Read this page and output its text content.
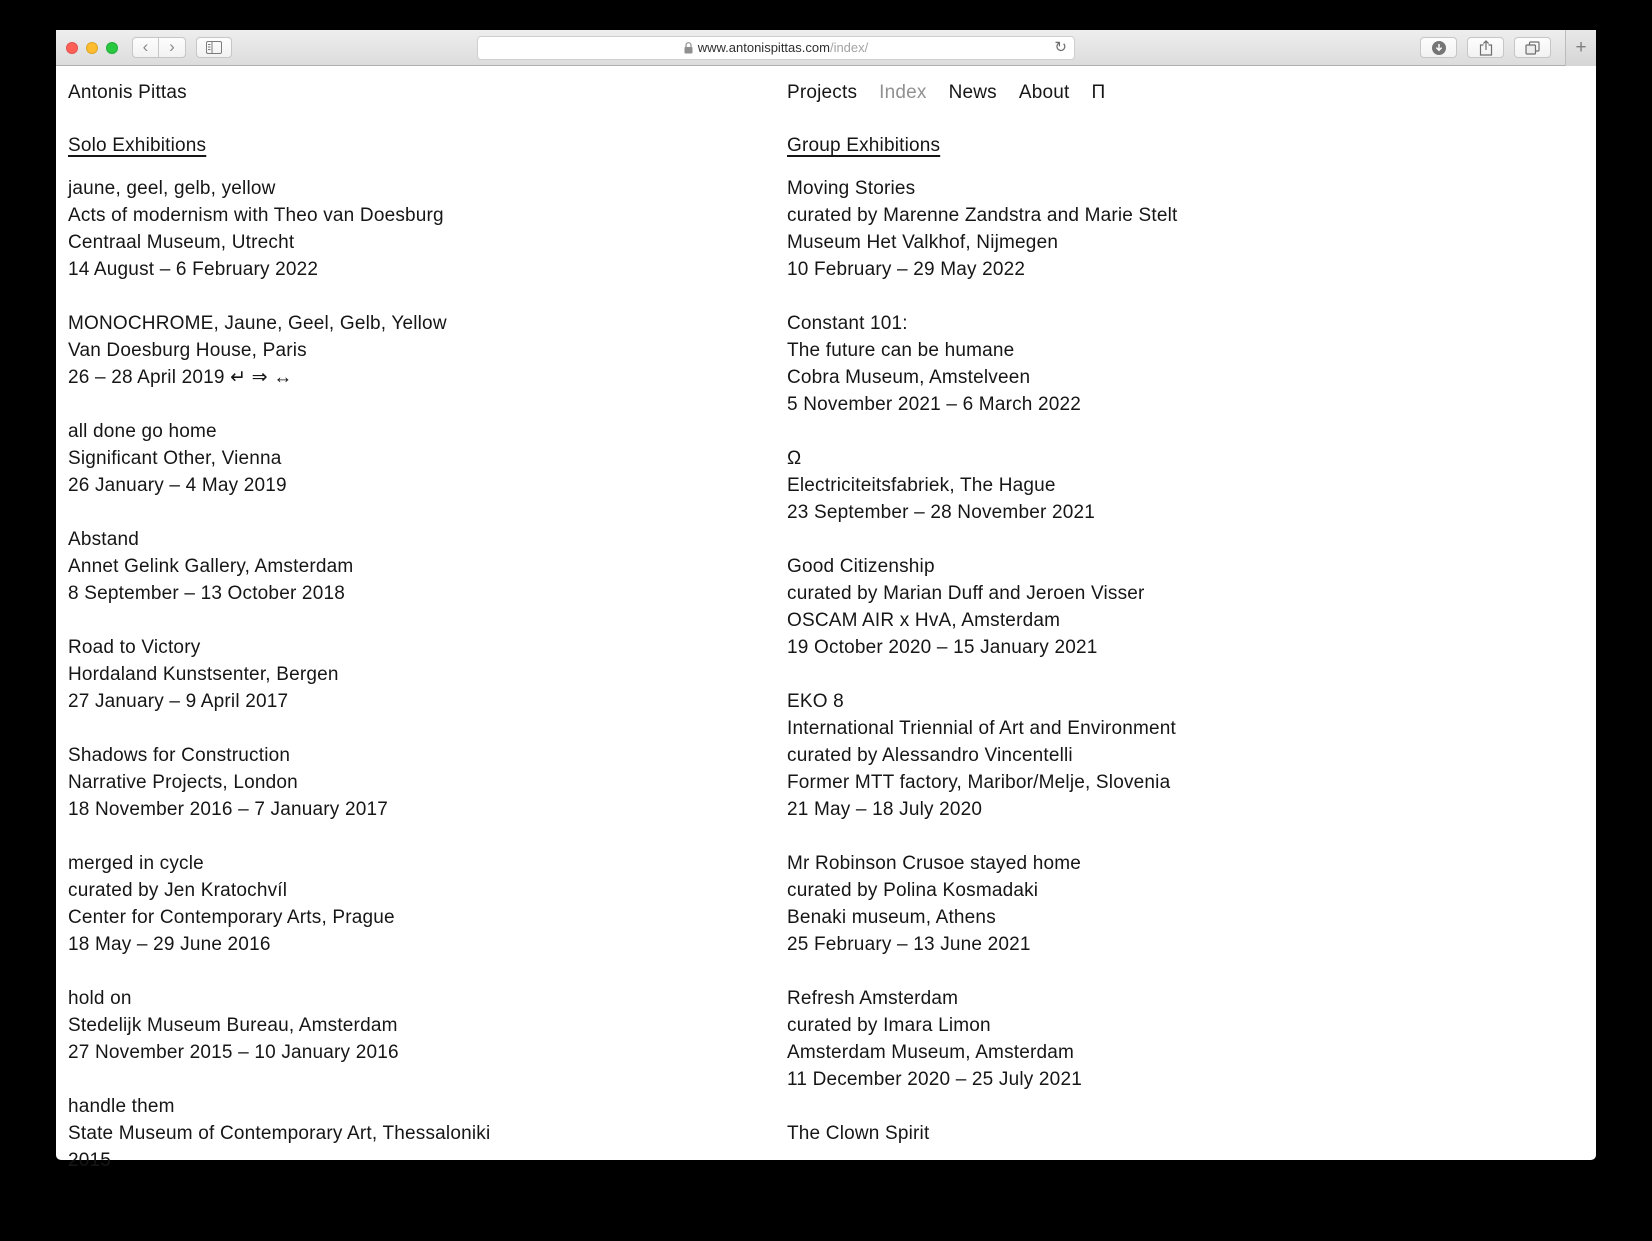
‹ ›	www.antonispittas.com /index/	↻	+
Antonis Pittas
Solo Exhibitions
jaune, geel, gelb, yellow
Acts of modernism with Theo van Doesburg
Centraal Museum, Utrecht
14 August – 6 February 2022
MONOCHROME, Jaune, Geel, Gelb, Yellow
Van Doesburg House, Paris
26 – 28 April 2019 ↵ ⇒ ↔
all done go home
Significant Other, Vienna
26 January – 4 May 2019
Abstand
Annet Gelink Gallery, Amsterdam
8 September – 13 October 2018
Road to Victory
Hordaland Kunstsenter, Bergen
27 January – 9 April 2017
Shadows for Construction
Narrative Projects, London
18 November 2016 – 7 January 2017
merged in cycle
curated by Jen Kratochvíl
Center for Contemporary Arts, Prague
18 May – 29 June 2016
hold on
Stedelijk Museum Bureau, Amsterdam
27 November 2015 – 10 January 2016
handle them
State Museum of Contemporary Art, Thessaloniki
2015
Projects Index News About Π
Group Exhibitions
Moving Stories
curated by Marenne Zandstra and Marie Stelt
Museum Het Valkhof, Nijmegen
10 February – 29 May 2022
Constant 101:
The future can be humane
Cobra Museum, Amstelveen
5 November 2021 – 6 March 2022
Ω
Electriciteitsfabriek, The Hague
23 September – 28 November 2021
Good Citizenship
curated by Marian Duff and Jeroen Visser
OSCAM AIR x HvA, Amsterdam
19 October 2020 – 15 January 2021
EKO 8
International Triennial of Art and Environment
curated by Alessandro Vincentelli
Former MTT factory, Maribor/Melje, Slovenia
21 May – 18 July 2020
Mr Robinson Crusoe stayed home
curated by Polina Kosmadaki
Benaki museum, Athens
25 February – 13 June 2021
Refresh Amsterdam
curated by Imara Limon
Amsterdam Museum, Amsterdam
11 December 2020 – 25 July 2021
The Clown Spirit
